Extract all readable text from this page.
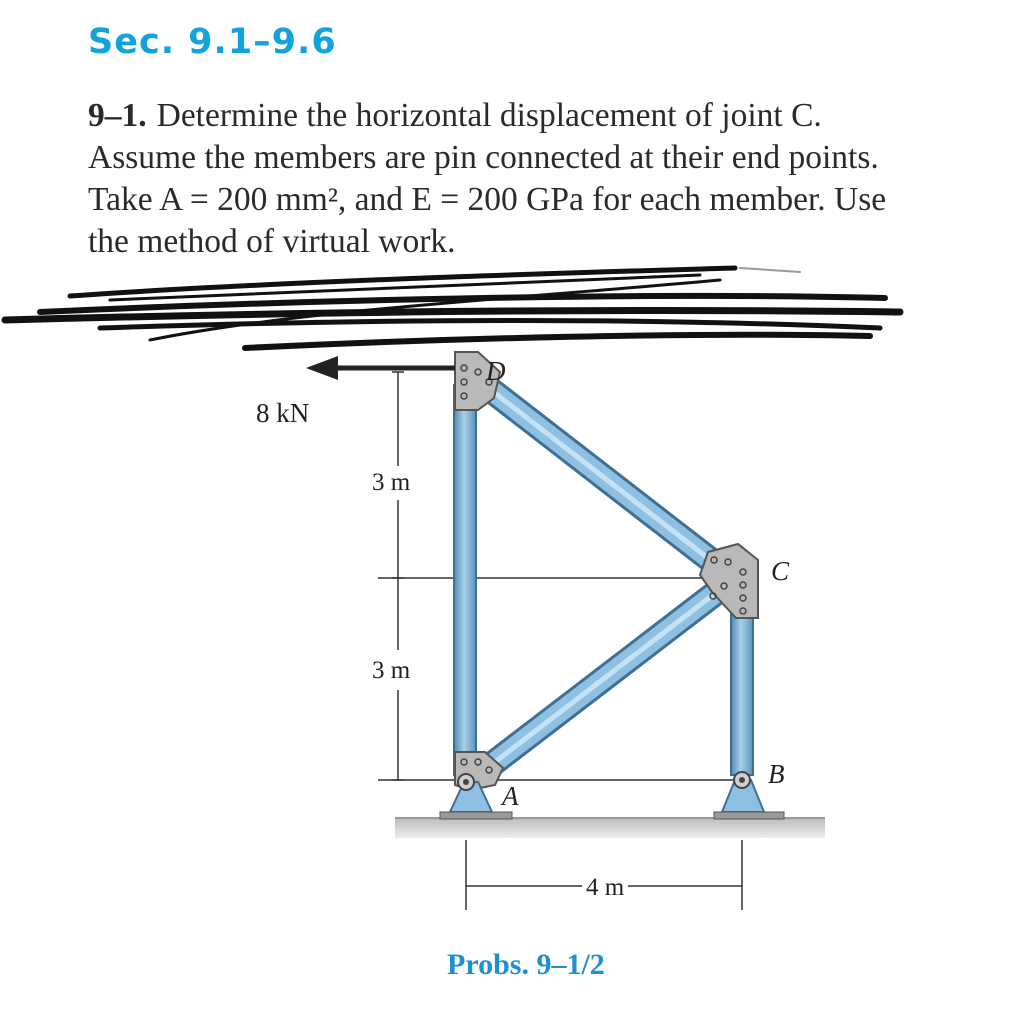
Sec. 9.1–9.6
9–1. Determine the horizontal displacement of joint C.
Assume the members are pin connected at their end points.
Take A = 200 mm², and E = 200 GPa for each member. Use
the method of virtual work.
8 kN
3 m
3 m
4 m
D
C
B
A
Probs. 9–1/2
